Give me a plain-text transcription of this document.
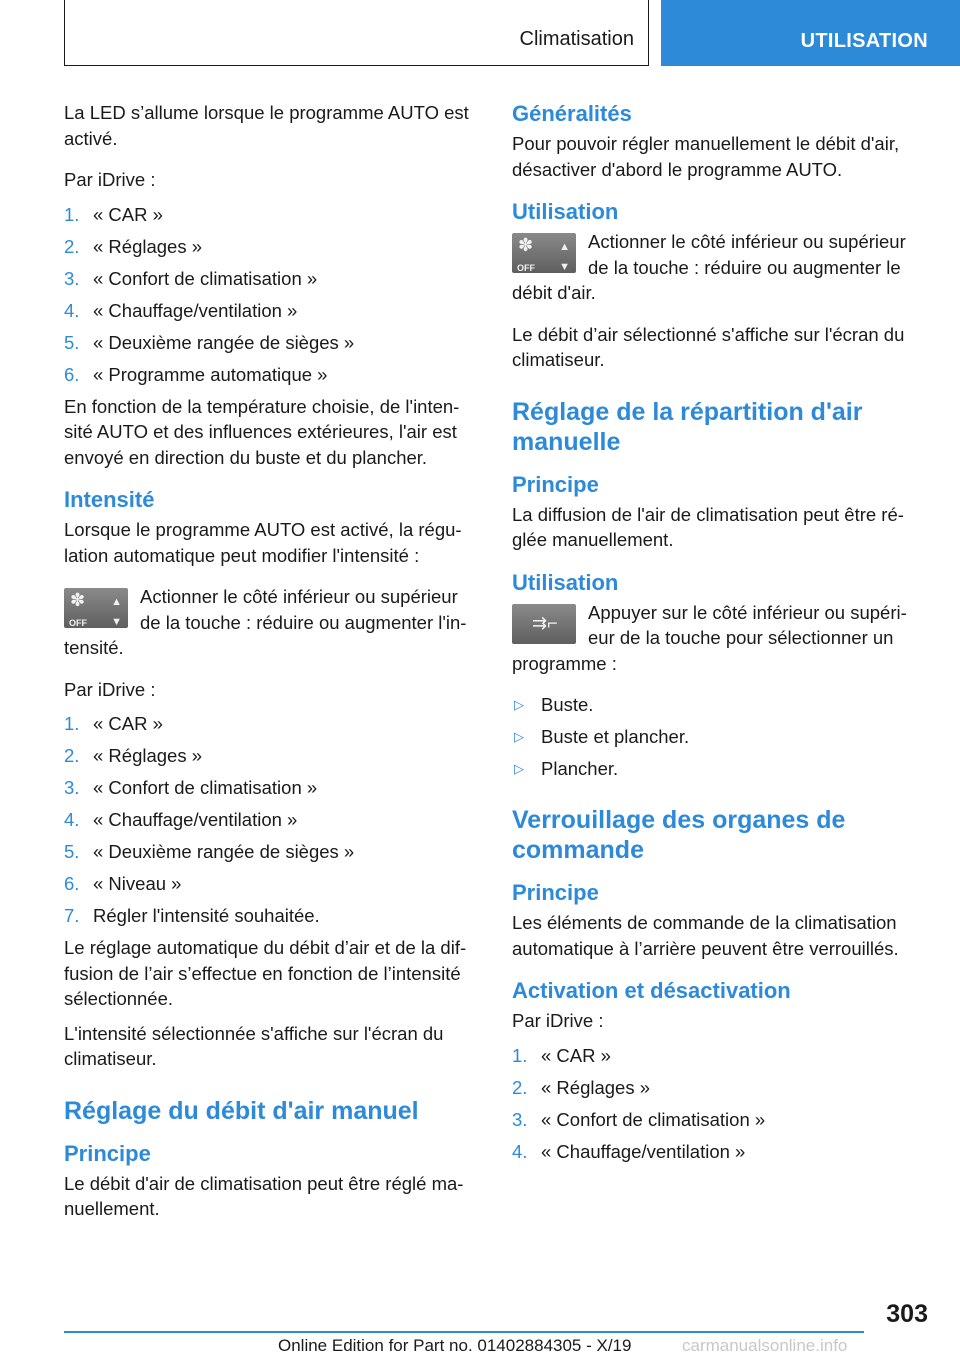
Climatisation	UTILISATION

La LED s’allume lorsque le programme AUTO est activé.

Par iDrive :

1. « CAR »
2. « Réglages »
3. « Confort de climatisation »
4. « Chauffage/ventilation »
5. « Deuxième rangée de sièges »
6. « Programme automatique »

En fonction de la température choisie, de l'inten-sité AUTO et des influences extérieures, l'air est envoyé en direction du buste et du plancher.

Intensité

Lorsque le programme AUTO est activé, la régu-lation automatique peut modifier l'intensité :

✽
OFF
▲
▼
Actionner le côté inférieur ou supérieur de la touche : réduire ou augmenter l'in-tensité.

Par iDrive :

1. « CAR »
2. « Réglages »
3. « Confort de climatisation »
4. « Chauffage/ventilation »
5. « Deuxième rangée de sièges »
6. « Niveau »
7. Régler l'intensité souhaitée.

Le réglage automatique du débit d’air et de la dif-fusion de l’air s’effectue en fonction de l’intensité sélectionnée.

L'intensité sélectionnée s'affiche sur l'écran du climatiseur.

Réglage du débit d'air manuel
Principe

Le débit d'air de climatisation peut être réglé ma-nuellement.

Généralités

Pour pouvoir régler manuellement le débit d'air, désactiver d'abord le programme AUTO.

Utilisation
✽
OFF
▲
▼
Actionner le côté inférieur ou supérieur de la touche : réduire ou augmenter le débit d'air.

Le débit d’air sélectionné s'affiche sur l'écran du climatiseur.

Réglage de la répartition d'air manuelle
Principe

La diffusion de l'air de climatisation peut être ré-glée manuellement.

Utilisation
⇉⌐ Appuyer sur le côté inférieur ou supéri-eur de la touche pour sélectionner un programme :
▷ Buste.
▷ Buste et plancher.
▷ Plancher.
Verrouillage des organes de commande
Principe

Les éléments de commande de la climatisation automatique à l’arrière peuvent être verrouillés.

Activation et désactivation

Par iDrive :

1. « CAR »
2. « Réglages »
3. « Confort de climatisation »
4. « Chauffage/ventilation »
303
Online Edition for Part no. 01402884305 - X/19	carmanualsonline.info
